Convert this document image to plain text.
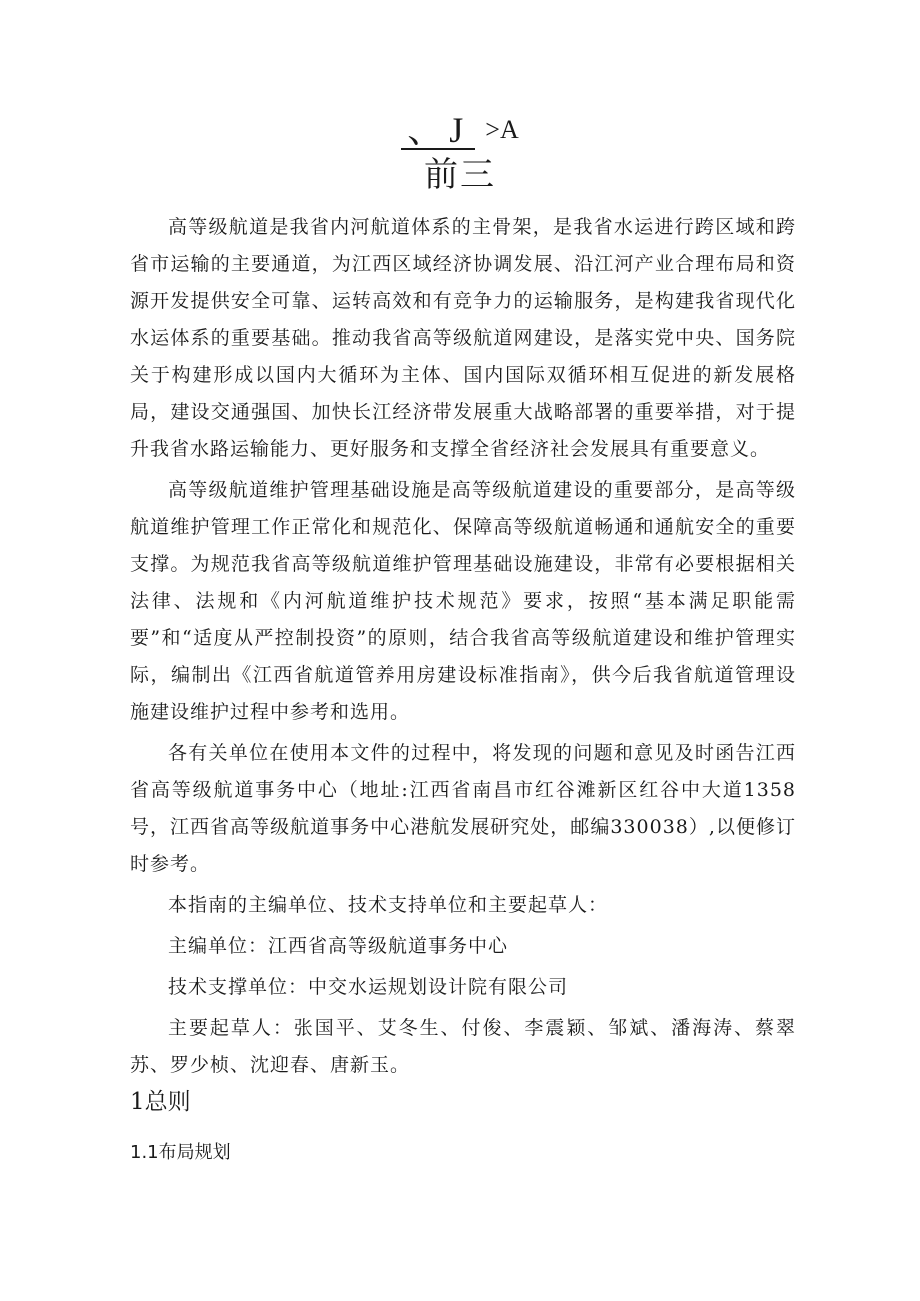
、J >A
前三

高等级航道是我省内河航道体系的主骨架，是我省水运进行跨区域和跨省市运输的主要通道，为江西区域经济协调发展、沿江河产业合理布局和资源开发提供安全可靠、运转高效和有竞争力的运输服务，是构建我省现代化水运体系的重要基础。推动我省高等级航道网建设，是落实党中央、国务院关于构建形成以国内大循环为主体、国内国际双循环相互促进的新发展格局，建设交通强国、加快长江经济带发展重大战略部署的重要举措，对于提升我省水路运输能力、更好服务和支撑全省经济社会发展具有重要意义。

高等级航道维护管理基础设施是高等级航道建设的重要部分，是高等级航道维护管理工作正常化和规范化、保障高等级航道畅通和通航安全的重要支撑。为规范我省高等级航道维护管理基础设施建设，非常有必要根据相关法律、法规和《内河航道维护技术规范》要求，按照“基本满足职能需要”和“适度从严控制投资”的原则，结合我省高等级航道建设和维护管理实际，编制出《江西省航道管养用房建设标准指南》，供今后我省航道管理设施建设维护过程中参考和选用。

各有关单位在使用本文件的过程中，将发现的问题和意见及时函告江西省高等级航道事务中心（地址:江西省南昌市红谷滩新区红谷中大道1358号，江西省高等级航道事务中心港航发展研究处，邮编330038）,以便修订时参考。

本指南的主编单位、技术支持单位和主要起草人：

主编单位：江西省高等级航道事务中心

技术支撑单位：中交水运规划设计院有限公司

主要起草人：张国平、艾冬生、付俊、李震颖、邹斌、潘海涛、蔡翠苏、罗少桢、沈迎春、唐新玉。

1总则
1.1布局规划
